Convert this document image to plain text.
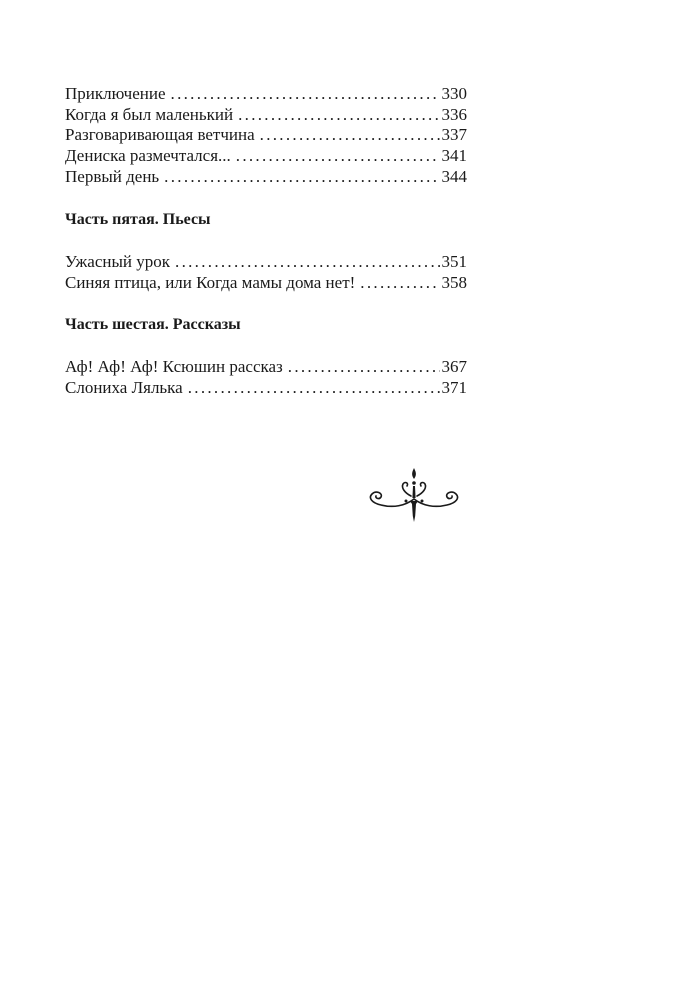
Приключение .....	330
Когда я был маленький .....	336
Разговаривающая ветчина .....	337
Дениска размечтался... .....	341
Первый день .....	344
Часть пятая. Пьесы
Ужасный урок .....	351
Синяя птица, или Когда мамы дома нет! .....	358
Часть шестая. Рассказы
Аф! Аф! Аф! Ксюшин рассказ .....	367
Слониха Лялька .....	371
